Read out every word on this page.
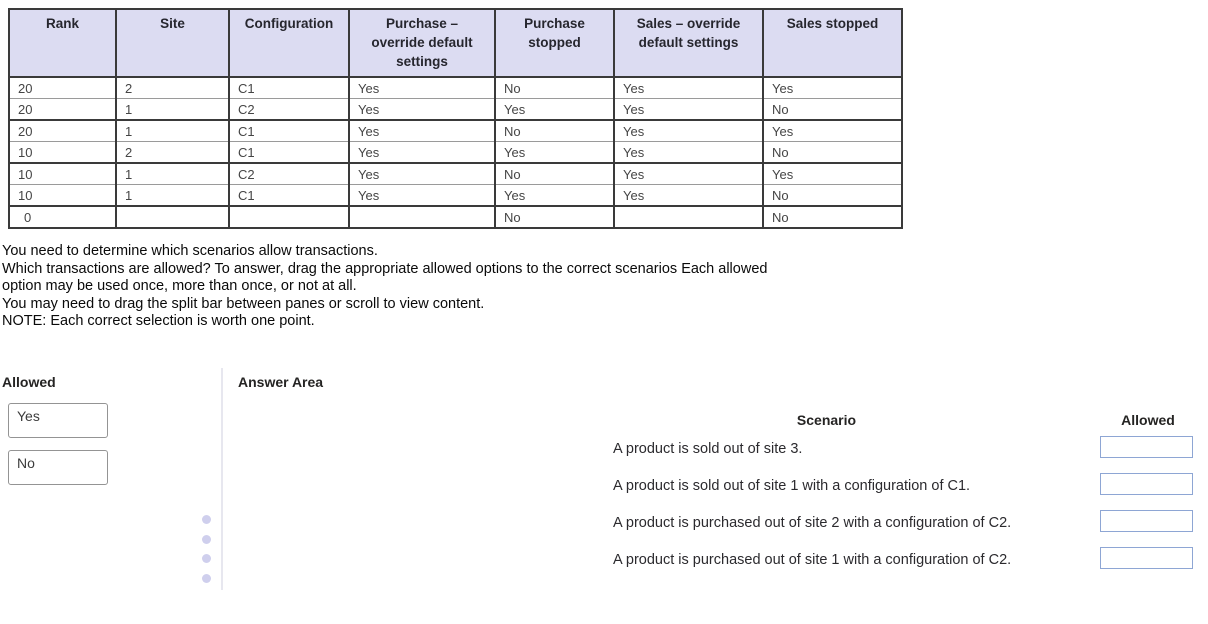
Rank	Site	Configuration	Purchase – override default settings	Purchase stopped	Sales – override default settings	Sales stopped
20	2	C1	Yes	No	Yes	Yes
20	1	C2	Yes	Yes	Yes	No
20	1	C1	Yes	No	Yes	Yes
10	2	C1	Yes	Yes	Yes	No
10	1	C2	Yes	No	Yes	Yes
10	1	C1	Yes	Yes	Yes	No
0				No		No
You need to determine which scenarios allow transactions.
Which transactions are allowed? To answer, drag the appropriate allowed options to the correct scenarios Each allowed
option may be used once, more than once, or not at all.
You may need to drag the split bar between panes or scroll to view content.
NOTE: Each correct selection is worth one point.
Allowed
Yes
No
Answer Area
Scenario	Allowed
A product is sold out of site 3.
A product is sold out of site 1 with a configuration of C1.
A product is purchased out of site 2 with a configuration of C2.
A product is purchased out of site 1 with a configuration of C2.
